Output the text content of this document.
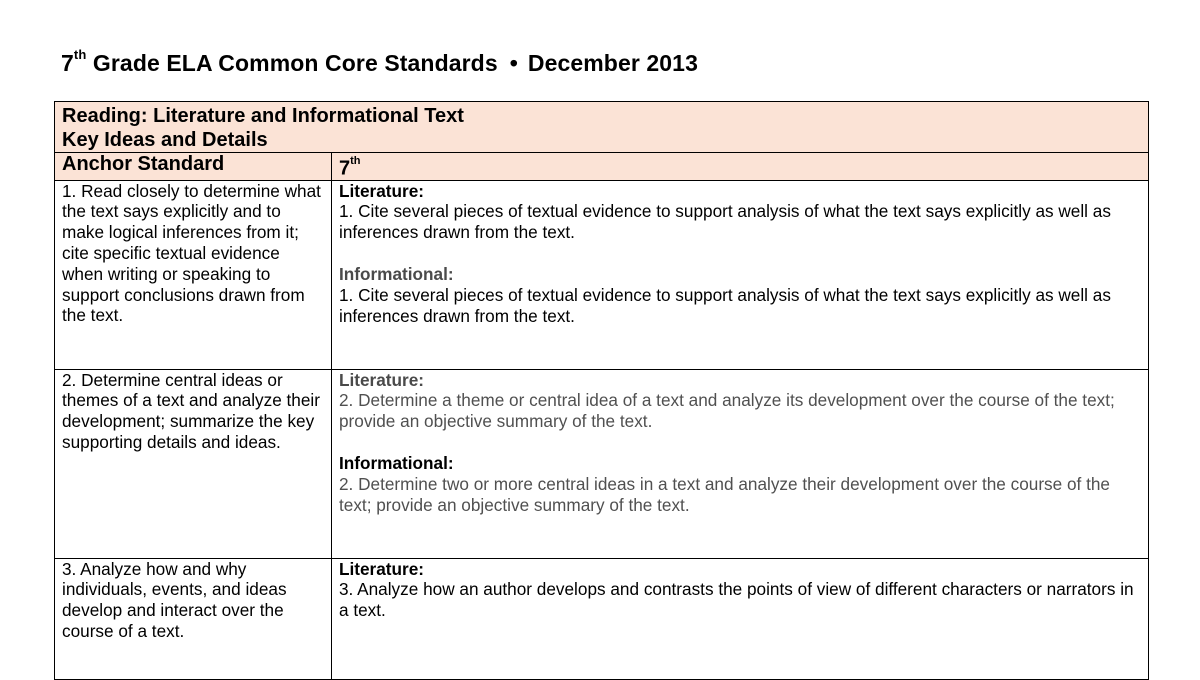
7th Grade ELA Common Core Standards • December 2013
Reading: Literature and Informational Text
Key Ideas and Details	

Anchor Standard	7th
1. Read closely to determine what the text says explicitly and to make logical inferences from it; cite specific textual evidence when writing or speaking to support conclusions drawn from the text.	Literature:
1. Cite several pieces of textual evidence to support analysis of what the text says explicitly as well as inferences drawn from the text.
Informational:
1. Cite several pieces of textual evidence to support analysis of what the text says explicitly as well as inferences drawn from the text.

2. Determine central ideas or themes of a text and analyze their development; summarize the key supporting details and ideas.	Literature:
2. Determine a theme or central idea of a text and analyze its development over the course of the text; provide an objective summary of the text.
Informational:
2. Determine two or more central ideas in a text and analyze their development over the course of the text; provide an objective summary of the text.

3. Analyze how and why individuals, events, and ideas develop and interact over the course of a text.	Literature:
3. Analyze how an author develops and contrasts the points of view of different characters or narrators in a text.
